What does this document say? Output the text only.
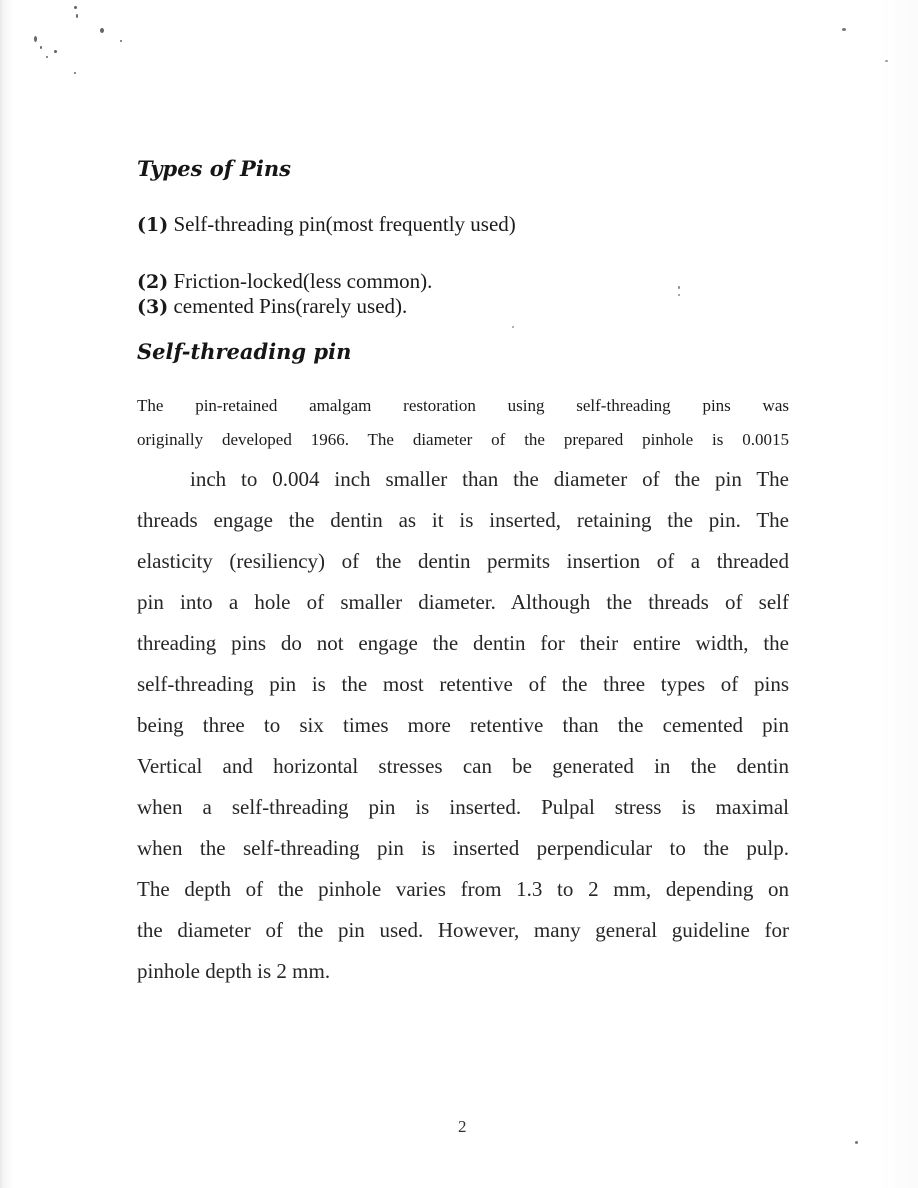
Types of Pins
(1) Self-threading pin(most frequently used)
(2) Friction-locked(less common).
(3) cemented Pins(rarely used).
Self-threading pin
The pin-retained amalgam restoration using self-threading pins was
originally developed 1966. The diameter of the prepared pinhole is 0.0015
inch to 0.004 inch smaller than the diameter of the pin The
threads engage the dentin as it is inserted, retaining the pin. The
elasticity (resiliency) of the dentin permits insertion of a threaded
pin into a hole of smaller diameter. Although the threads of self
threading pins do not engage the dentin for their entire width, the
self-threading pin is the most retentive of the three types of pins
being three to six times more retentive than the cemented pin
Vertical and horizontal stresses can be generated in the dentin
when a self-threading pin is inserted. Pulpal stress is maximal
when the self-threading pin is inserted perpendicular to the pulp.
The depth of the pinhole varies from 1.3 to 2 mm, depending on
the diameter of the pin used. However, many general guideline for
pinhole depth is 2 mm.
2
